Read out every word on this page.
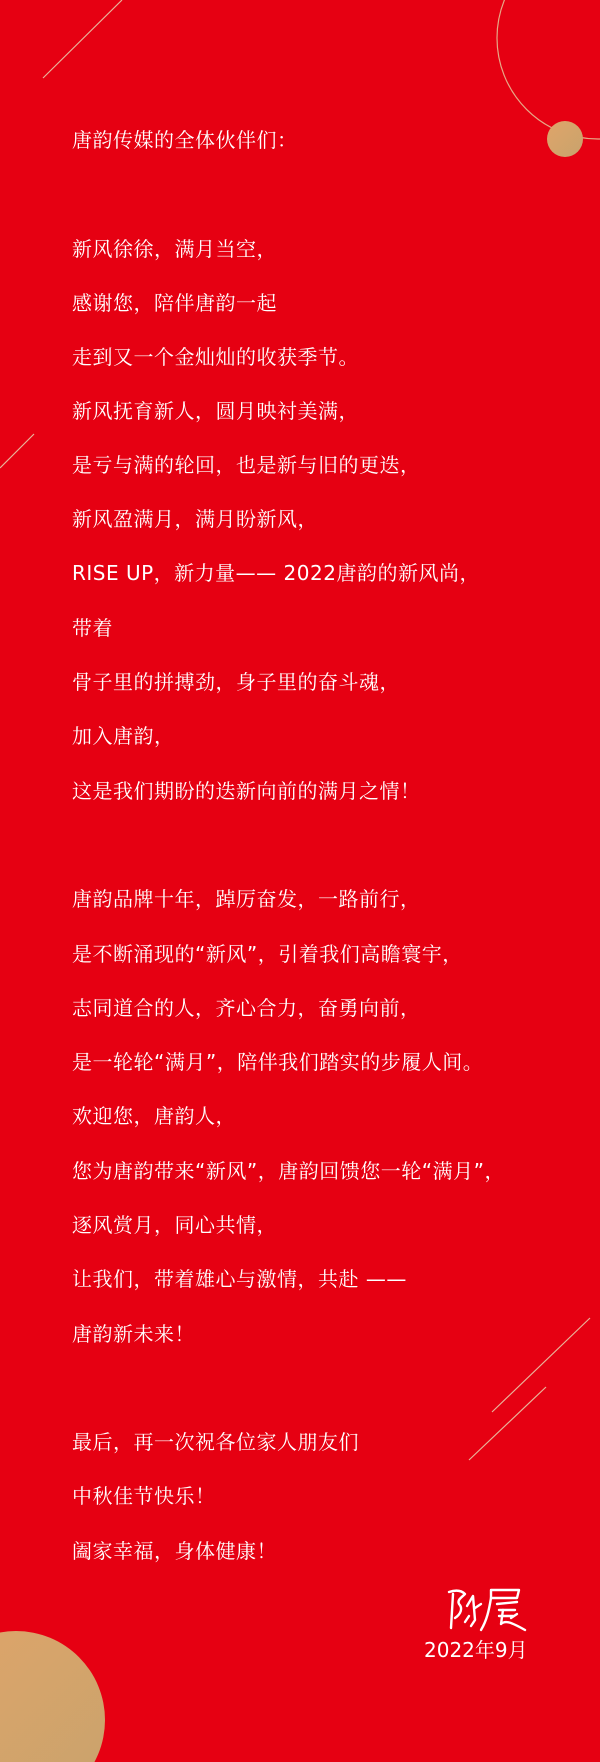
唐韵传媒的全体伙伴们：
新风徐徐，满月当空，
感谢您，陪伴唐韵一起
走到又一个金灿灿的收获季节。
新风抚育新人，圆月映衬美满，
是亏与满的轮回，也是新与旧的更迭，
新风盈满月，满月盼新风，
RISE UP，新力量—— 2022唐韵的新风尚，
带着
骨子里的拼搏劲，身子里的奋斗魂，
加入唐韵，
这是我们期盼的迭新向前的满月之情！
唐韵品牌十年，踔厉奋发，一路前行，
是不断涌现的“新风”，引着我们高瞻寰宇，
志同道合的人，齐心合力，奋勇向前，
是一轮轮“满月”，陪伴我们踏实的步履人间。
欢迎您，唐韵人，
您为唐韵带来“新风”，唐韵回馈您一轮“满月”，
逐风赏月，同心共情，
让我们，带着雄心与激情，共赴 ——
唐韵新未来！
最后，再一次祝各位家人朋友们
中秋佳节快乐！
阖家幸福，身体健康！
2022年9月
